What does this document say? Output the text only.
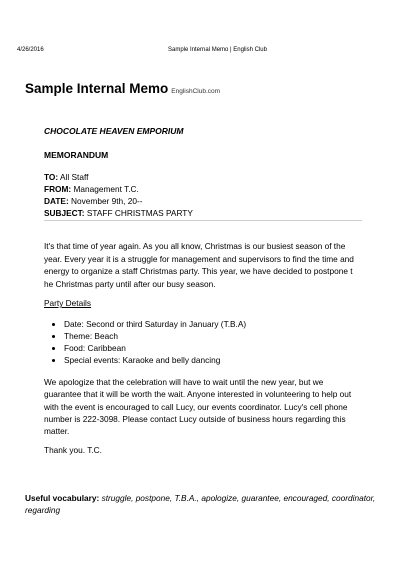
4/26/2016	Sample Internal Memo | English Club
Sample Internal Memo EnglishClub.com
CHOCOLATE HEAVEN EMPORIUM
MEMORANDUM
TO: All Staff
FROM: Management T.C.
DATE: November 9th, 20--
SUBJECT: STAFF CHRISTMAS PARTY
It's that time of year again. As you all know, Christmas is our busiest season of the year. Every year it is a struggle for management and supervisors to find the time and energy to organize a staff Christmas party. This year, we have decided to postpone t he Christmas party until after our busy season.
Party Details
• Date: Second or third Saturday in January (T.B.A)
• Theme: Beach
• Food: Caribbean
• Special events: Karaoke and belly dancing
We apologize that the celebration will have to wait until the new year, but we guarantee that it will be worth the wait. Anyone interested in volunteering to help out with the event is encouraged to call Lucy, our events coordinator. Lucy's cell phone number is 222-3098. Please contact Lucy outside of business hours regarding this matter.
Thank you. T.C.
Useful vocabulary: struggle, postpone, T.B.A., apologize, guarantee, encouraged, coordinator, regarding
